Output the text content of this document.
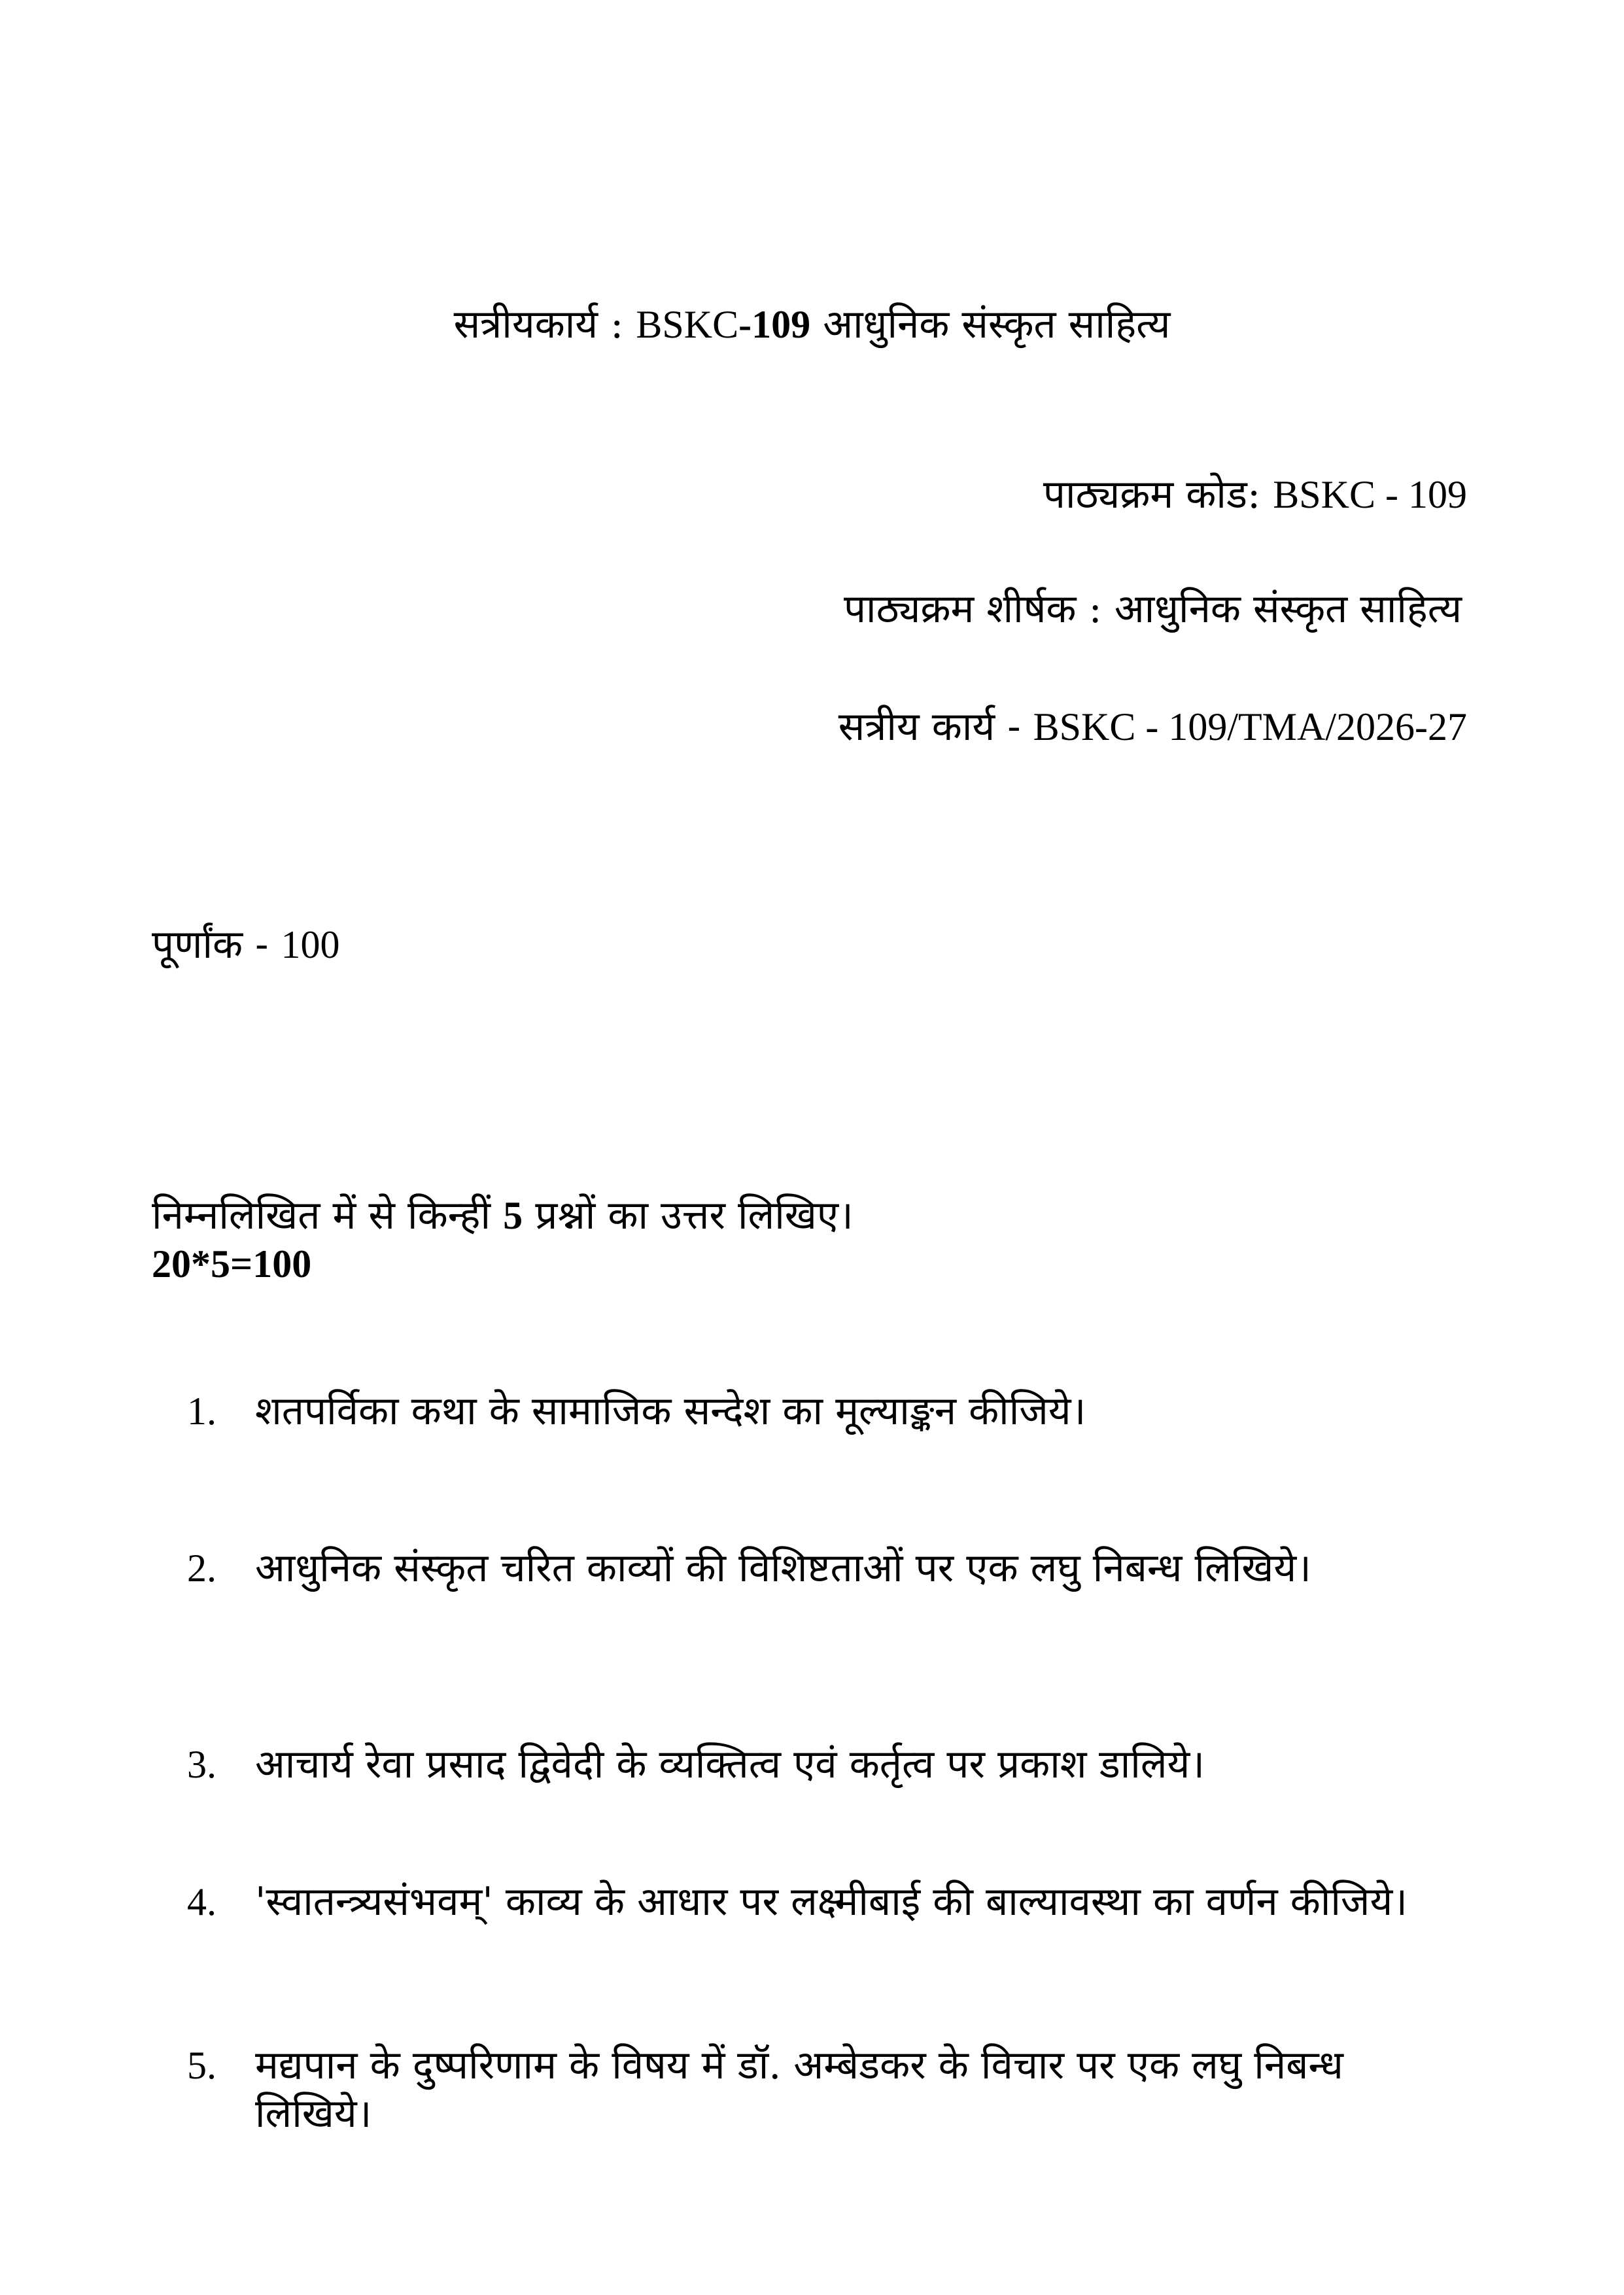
सत्रीयकार्य : BSKC-109 आधुनिक संस्कृत साहित्य
पाठ्यक्रम कोड: BSKC - 109
पाठ्यक्रम शीर्षक : आधुनिक संस्कृत साहित्य
सत्रीय कार्य - BSKC - 109/TMA/2026-27
पूर्णांक - 100
निम्नलिखित में से किन्हीं 5 प्रश्नों का उत्तर लिखिए।
20*5=100
1. शतपर्विका कथा के सामाजिक सन्देश का मूल्याङ्कन कीजिये।
2. आधुनिक संस्कृत चरित काव्यों की विशिष्टताओं पर एक लघु निबन्ध लिखिये।
3. आचार्य रेवा प्रसाद द्विवेदी के व्यक्तित्व एवं कर्तृत्व पर प्रकाश डालिये।
4. 'स्वातन्त्र्यसंभवम्' काव्य के आधार पर लक्ष्मीबाई की बाल्यावस्था का वर्णन कीजिये।
5. मद्यपान के दुष्परिणाम के विषय में डॉ. अम्बेडकर के विचार पर एक लघु निबन्ध लिखिये।
